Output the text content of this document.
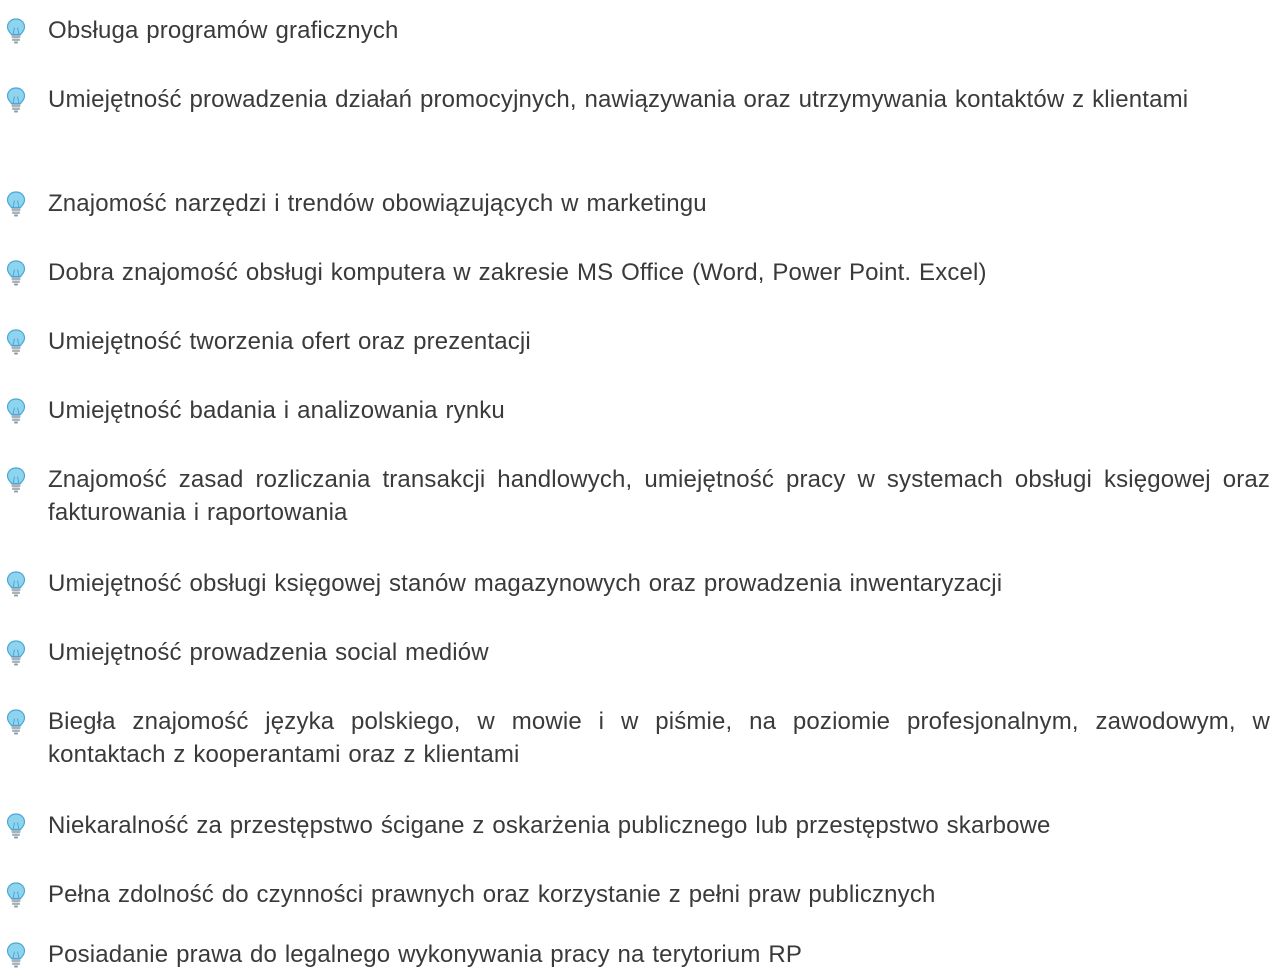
Obsługa programów graficznych
Umiejętność prowadzenia działań promocyjnych, nawiązywania oraz utrzymywania kontaktów z klientami
Znajomość narzędzi i trendów obowiązujących w marketingu
Dobra znajomość obsługi komputera w zakresie MS Office (Word, Power Point. Excel)
Umiejętność tworzenia ofert oraz prezentacji
Umiejętność badania i analizowania rynku
Znajomość zasad rozliczania transakcji handlowych, umiejętność pracy w systemach obsługi księgowej oraz fakturowania i raportowania
Umiejętność obsługi księgowej stanów magazynowych oraz prowadzenia inwentaryzacji
Umiejętność prowadzenia social mediów
Biegła znajomość języka polskiego, w mowie i w piśmie, na poziomie profesjonalnym, zawodowym, w kontaktach z kooperantami oraz z klientami
Niekaralność za przestępstwo ścigane z oskarżenia publicznego lub przestępstwo skarbowe
Pełna zdolność do czynności prawnych oraz korzystanie z pełni praw publicznych
Posiadanie prawa do legalnego wykonywania pracy na terytorium RP
